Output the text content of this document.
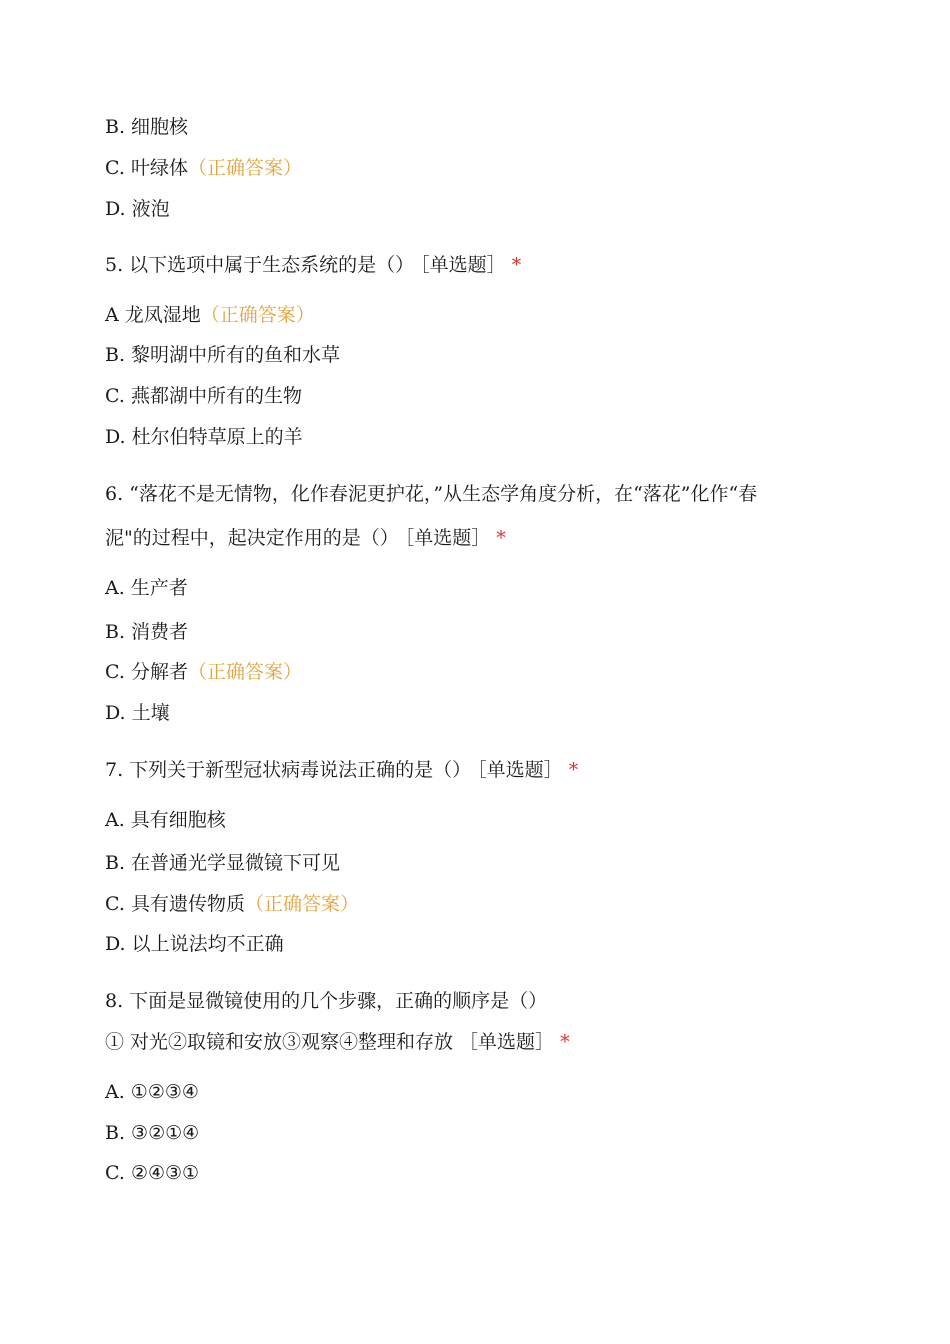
B. 细胞核
C. 叶绿体（正确答案）
D. 液泡
5. 以下选项中属于生态系统的是（） ［单选题］ *
A 龙凤湿地（正确答案）
B. 黎明湖中所有的鱼和水草
C. 燕都湖中所有的生物
D. 杜尔伯特草原上的羊
6. “落花不是无情物，化作春泥更护花，”从生态学角度分析，在“落花”化作“春
泥"的过程中，起决定作用的是（） ［单选题］ *
A. 生产者
B. 消费者
C. 分解者（正确答案）
D. 土壤
7. 下列关于新型冠状病毒说法正确的是（） ［单选题］ *
A. 具有细胞核
B. 在普通光学显微镜下可见
C. 具有遗传物质（正确答案）
D. 以上说法均不正确
8. 下面是显微镜使用的几个步骤，正确的顺序是（）
① 对光②取镜和安放③观察④整理和存放 ［单选题］ *
A. ①②③④
B. ③②①④
C. ②④③①
